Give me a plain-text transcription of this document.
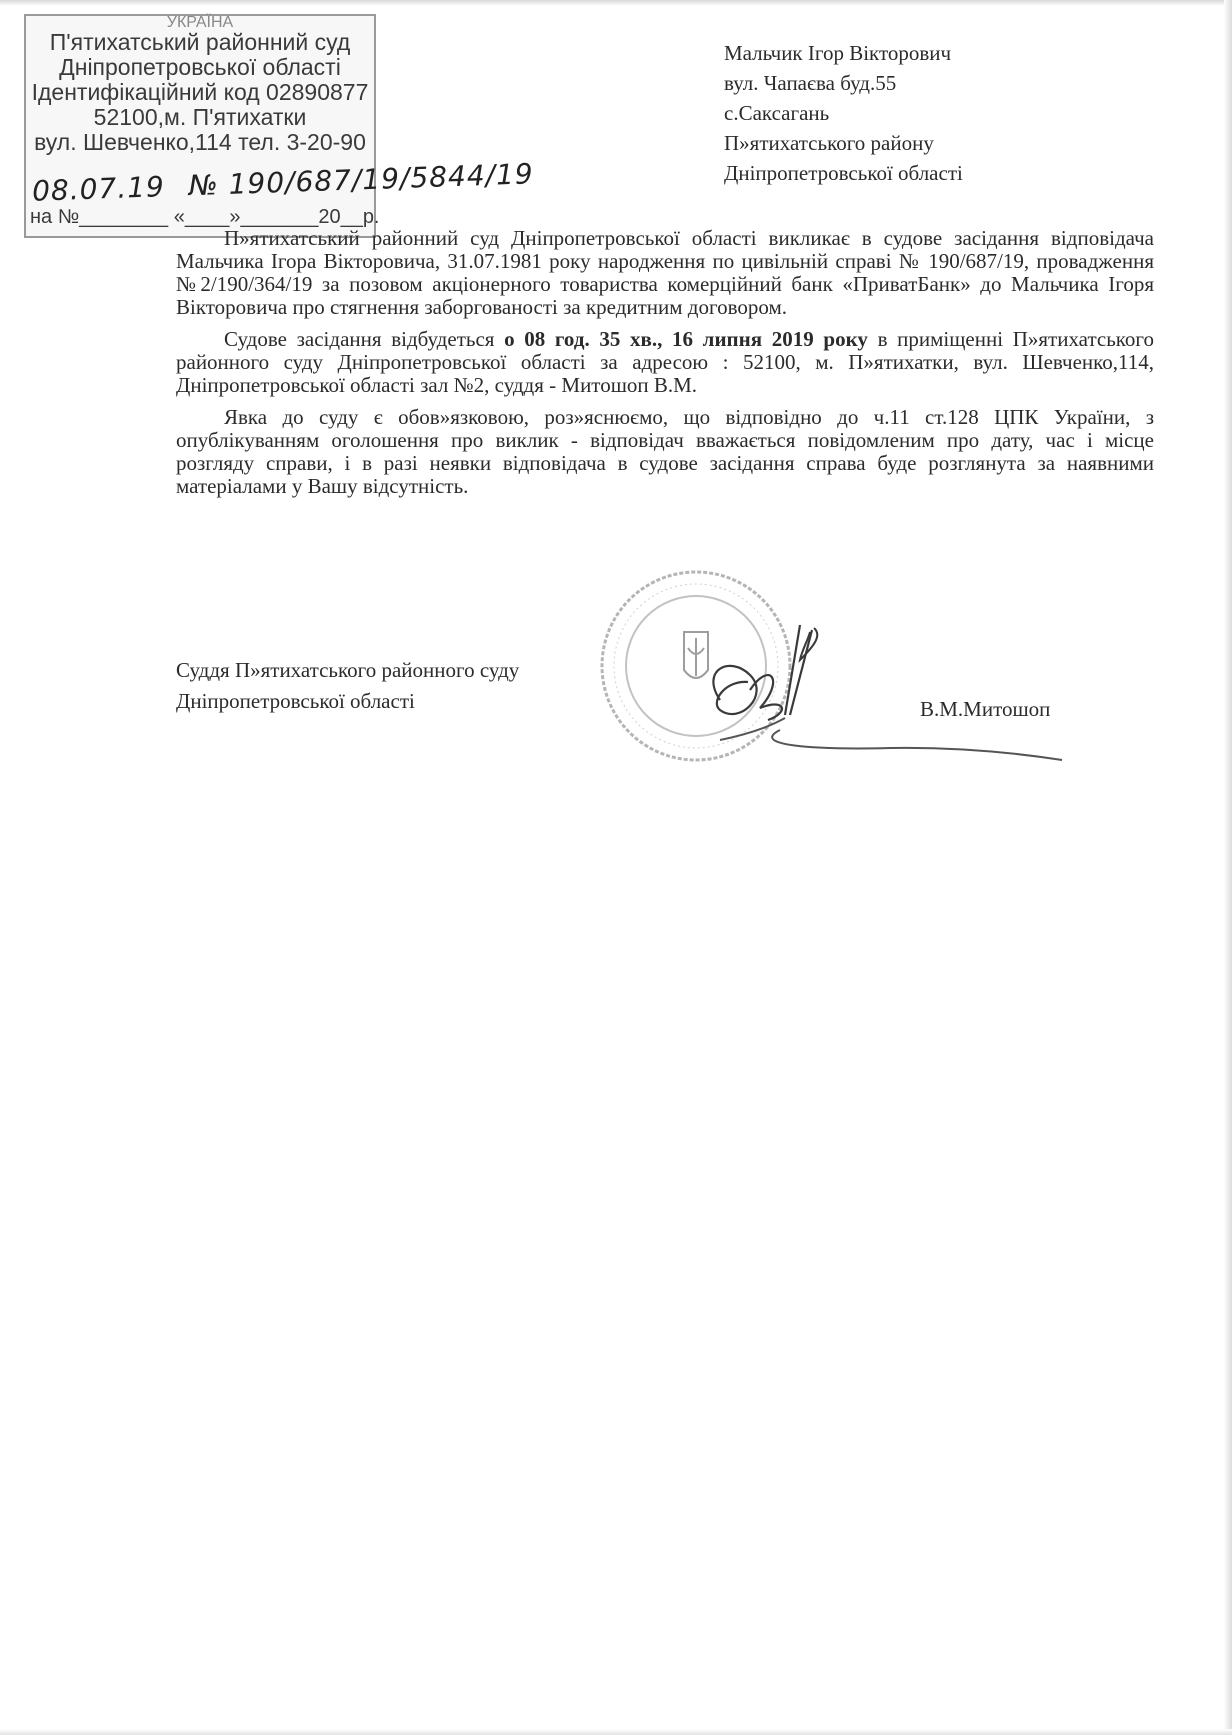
УКРАЇНА
П'ятихатський районний суд
Дніпропетровської області
Ідентифікаційний код 02890877
52100,м. П'ятихатки
вул. Шевченко,114 тел. 3-20-90
08.07.19 № 190/687/19/5844/19
на №________ «____»_______20__р.
Мальчик Ігор Вікторович
вул. Чапаєва буд.55
с.Саксагань
П»ятихатського району
Дніпропетровської області

П»ятихатський районний суд Дніпропетровської області викликає в судове засідання відповідача Мальчика Ігора Вікторовича, 31.07.1981 року народження по цивільній справі № 190/687/19, провадження №2/190/364/19 за позовом акціонерного товариства комерційний банк «ПриватБанк» до Мальчика Ігоря Вікторовича про стягнення заборгованості за кредитним договором.

Судове засідання відбудеться о 08 год. 35 хв., 16 липня 2019 року в приміщенні П»ятихатського районного суду Дніпропетровської області за адресою : 52100, м. П»ятихатки, вул. Шевченко,114, Дніпропетровської області зал №2, суддя - Митошоп В.М.

Явка до суду є обов»язковою, роз»яснюємо, що відповідно до ч.11 ст.128 ЦПК України, з опублікуванням оголошення про виклик - відповідач вважається повідомленим про дату, час і місце розгляду справи, і в разі неявки відповідача в судове засідання справа буде розглянута за наявними матеріалами у Вашу відсутність.

Суддя П»ятихатського районного суду
Дніпропетровської області	В.М.Митошоп
